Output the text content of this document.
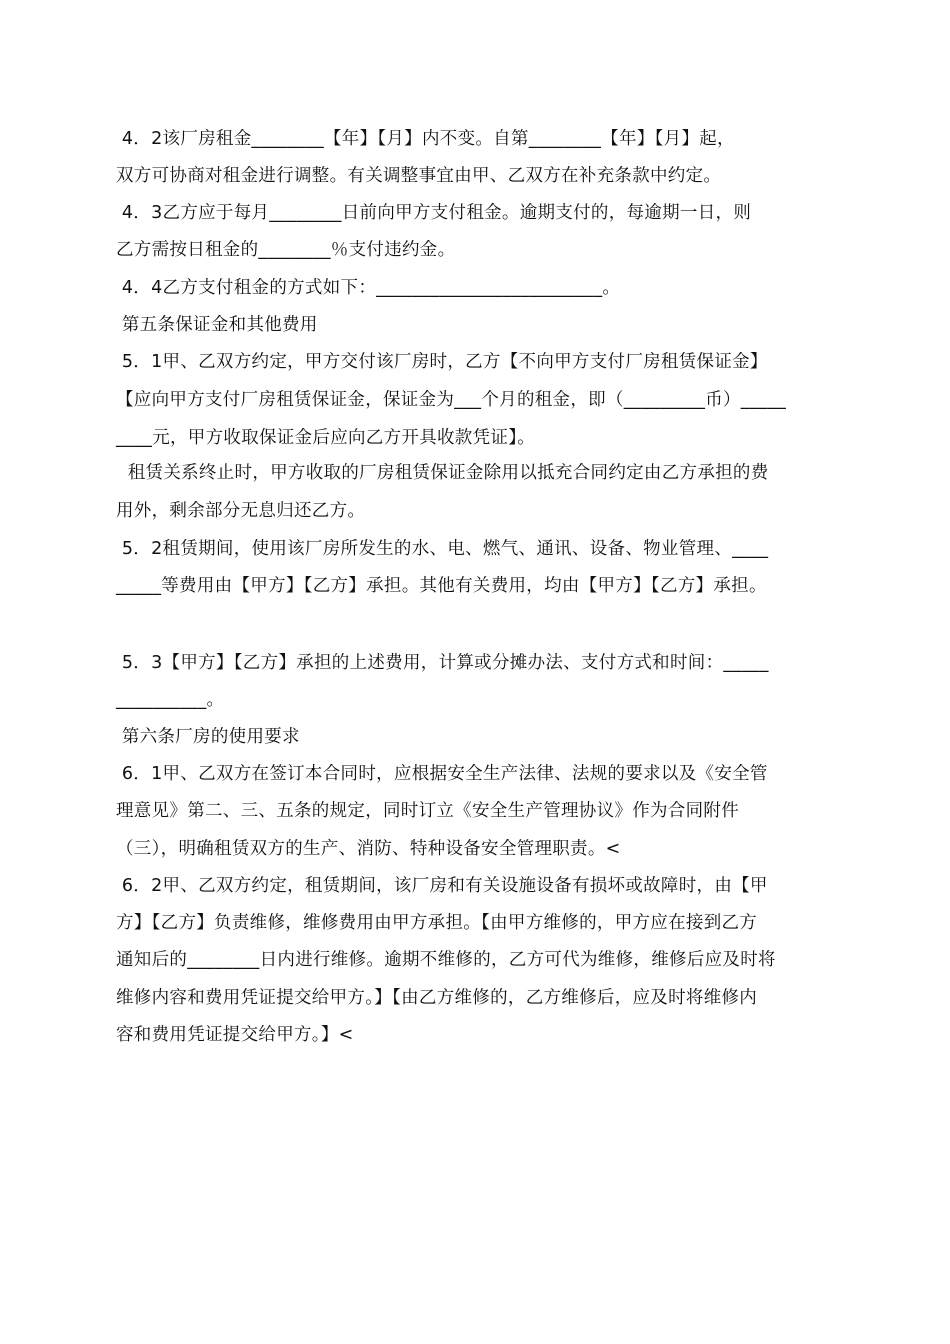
4．2该厂房租金________【年】【月】内不变。自第________【年】【月】起，
双方可协商对租金进行调整。有关调整事宜由甲、乙双方在补充条款中约定。
4．3乙方应于每月________日前向甲方支付租金。逾期支付的，每逾期一日，则
乙方需按日租金的________％支付违约金。
4．4乙方支付租金的方式如下：_________________________。
第五条保证金和其他费用
5．1甲、乙双方约定，甲方交付该厂房时，乙方【不向甲方支付厂房租赁保证金】
【应向甲方支付厂房租赁保证金，保证金为___个月的租金，即（_________币）_____
____元，甲方收取保证金后应向乙方开具收款凭证】。
租赁关系终止时，甲方收取的厂房租赁保证金除用以抵充合同约定由乙方承担的费
用外，剩余部分无息归还乙方。
5．2租赁期间，使用该厂房所发生的水、电、燃气、通讯、设备、物业管理、____
_____等费用由【甲方】【乙方】承担。其他有关费用，均由【甲方】【乙方】承担。
5．3【甲方】【乙方】承担的上述费用，计算或分摊办法、支付方式和时间：_____
__________。
第六条厂房的使用要求
6．1甲、乙双方在签订本合同时，应根据安全生产法律、法规的要求以及《安全管
理意见》第二、三、五条的规定，同时订立《安全生产管理协议》作为合同附件
（三），明确租赁双方的生产、消防、特种设备安全管理职责。<
6．2甲、乙双方约定，租赁期间，该厂房和有关设施设备有损坏或故障时，由【甲
方】【乙方】负责维修，维修费用由甲方承担。【由甲方维修的，甲方应在接到乙方
通知后的________日内进行维修。逾期不维修的，乙方可代为维修，维修后应及时将
维修内容和费用凭证提交给甲方。】【由乙方维修的，乙方维修后，应及时将维修内
容和费用凭证提交给甲方。】<
